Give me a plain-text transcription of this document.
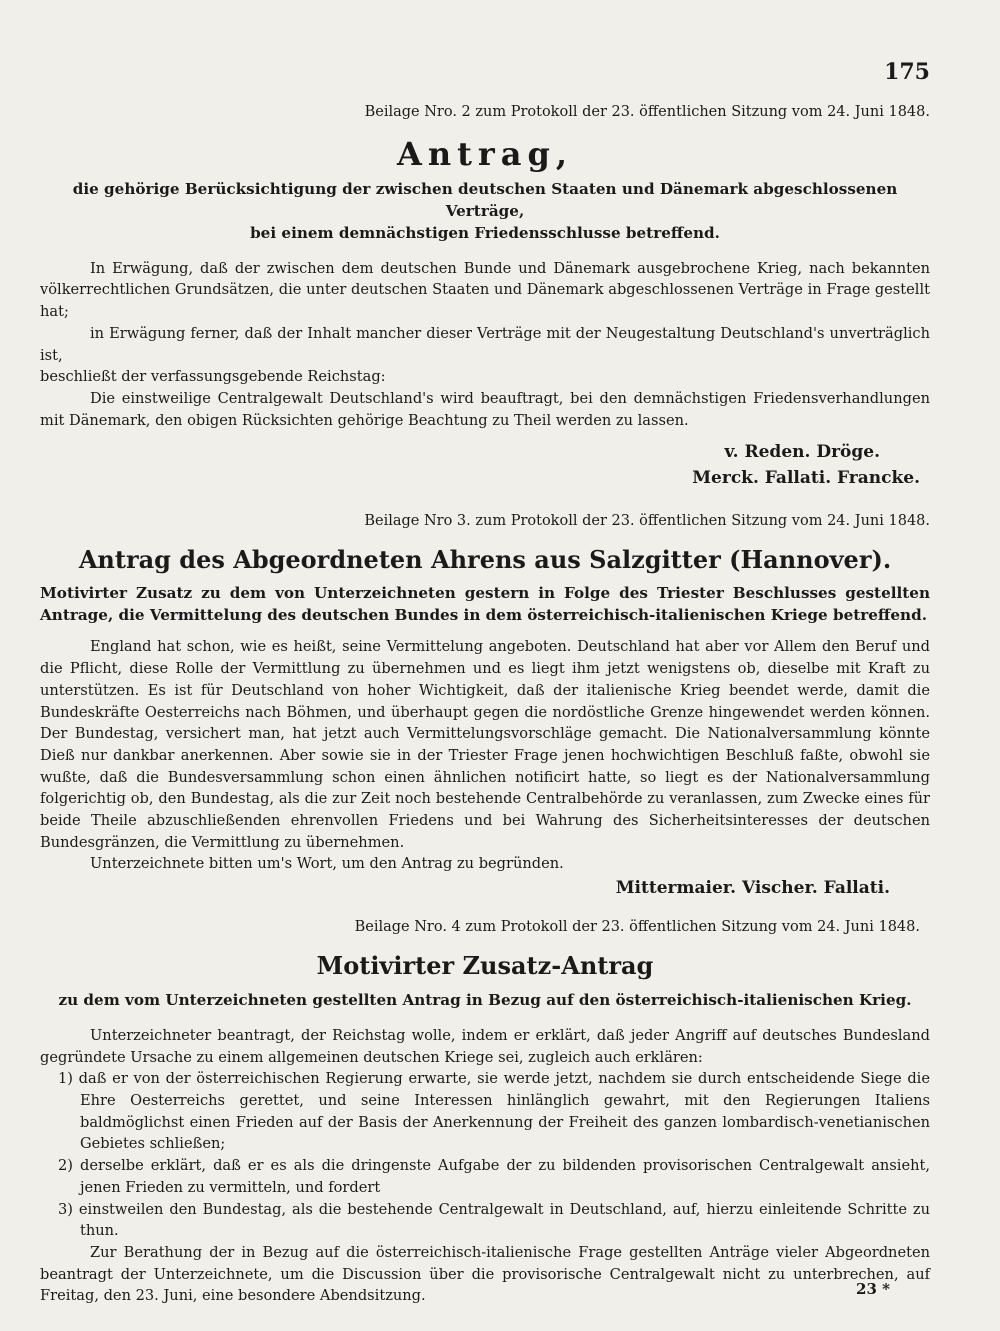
175
Beilage Nro. 2 zum Protokoll der 23. öffentlichen Sitzung vom 24. Juni 1848.
Antrag,
die gehörige Berücksichtigung der zwischen deutschen Staaten und Dänemark abgeschlossenen Verträge,
bei einem demnächstigen Friedensschlusse betreffend.

In Erwägung, daß der zwischen dem deutschen Bunde und Dänemark ausgebrochene Krieg, nach bekannten völkerrechtlichen Grundsätzen, die unter deutschen Staaten und Dänemark abgeschlossenen Verträge in Frage gestellt hat;

in Erwägung ferner, daß der Inhalt mancher dieser Verträge mit der Neugestaltung Deutschland's unverträglich ist,

beschließt der verfassungsgebende Reichstag:

Die einstweilige Centralgewalt Deutschland's wird beauftragt, bei den demnächstigen Friedensverhandlungen mit Dänemark, den obigen Rücksichten gehörige Beachtung zu Theil werden zu lassen.

v. Reden. Dröge.
Merck. Fallati. Francke.
Beilage Nro 3. zum Protokoll der 23. öffentlichen Sitzung vom 24. Juni 1848.
Antrag des Abgeordneten Ahrens aus Salzgitter (Hannover).

Motivirter Zusatz zu dem von Unterzeichneten gestern in Folge des Triester Beschlusses gestellten Antrage, die Vermittelung des deutschen Bundes in dem österreichisch-italienischen Kriege betreffend.

England hat schon, wie es heißt, seine Vermittelung angeboten. Deutschland hat aber vor Allem den Beruf und die Pflicht, diese Rolle der Vermittlung zu übernehmen und es liegt ihm jetzt wenigstens ob, dieselbe mit Kraft zu unterstützen. Es ist für Deutschland von hoher Wichtigkeit, daß der italienische Krieg beendet werde, damit die Bundeskräfte Oesterreichs nach Böhmen, und überhaupt gegen die nordöstliche Grenze hingewendet werden können. Der Bundestag, versichert man, hat jetzt auch Vermittelungsvorschläge gemacht. Die Nationalversammlung könnte Dieß nur dankbar anerkennen. Aber sowie sie in der Triester Frage jenen hochwichtigen Beschluß faßte, obwohl sie wußte, daß die Bundesversammlung schon einen ähnlichen notificirt hatte, so liegt es der Nationalversammlung folgerichtig ob, den Bundestag, als die zur Zeit noch bestehende Centralbehörde zu veranlassen, zum Zwecke eines für beide Theile abzuschließenden ehrenvollen Friedens und bei Wahrung des Sicherheitsinteresses der deutschen Bundesgränzen, die Vermittlung zu übernehmen.

Unterzeichnete bitten um's Wort, um den Antrag zu begründen.

Mittermaier. Vischer. Fallati.
Beilage Nro. 4 zum Protokoll der 23. öffentlichen Sitzung vom 24. Juni 1848.
Motivirter Zusatz-Antrag
zu dem vom Unterzeichneten gestellten Antrag in Bezug auf den österreichisch-italienischen Krieg.

Unterzeichneter beantragt, der Reichstag wolle, indem er erklärt, daß jeder Angriff auf deutsches Bundesland gegründete Ursache zu einem allgemeinen deutschen Kriege sei, zugleich auch erklären:

1) daß er von der österreichischen Regierung erwarte, sie werde jetzt, nachdem sie durch entscheidende Siege die Ehre Oesterreichs gerettet, und seine Interessen hinlänglich gewahrt, mit den Regierungen Italiens baldmöglichst einen Frieden auf der Basis der Anerkennung der Freiheit des ganzen lombardisch-venetianischen Gebietes schließen;

2) derselbe erklärt, daß er es als die dringenste Aufgabe der zu bildenden provisorischen Centralgewalt ansieht, jenen Frieden zu vermitteln, und fordert

3) einstweilen den Bundestag, als die bestehende Centralgewalt in Deutschland, auf, hierzu einleitende Schritte zu thun.

Zur Berathung der in Bezug auf die österreichisch-italienische Frage gestellten Anträge vieler Abgeordneten beantragt der Unterzeichnete, um die Discussion über die provisorische Centralgewalt nicht zu unterbrechen, auf Freitag, den 23. Juni, eine besondere Abendsitzung.	23 *
